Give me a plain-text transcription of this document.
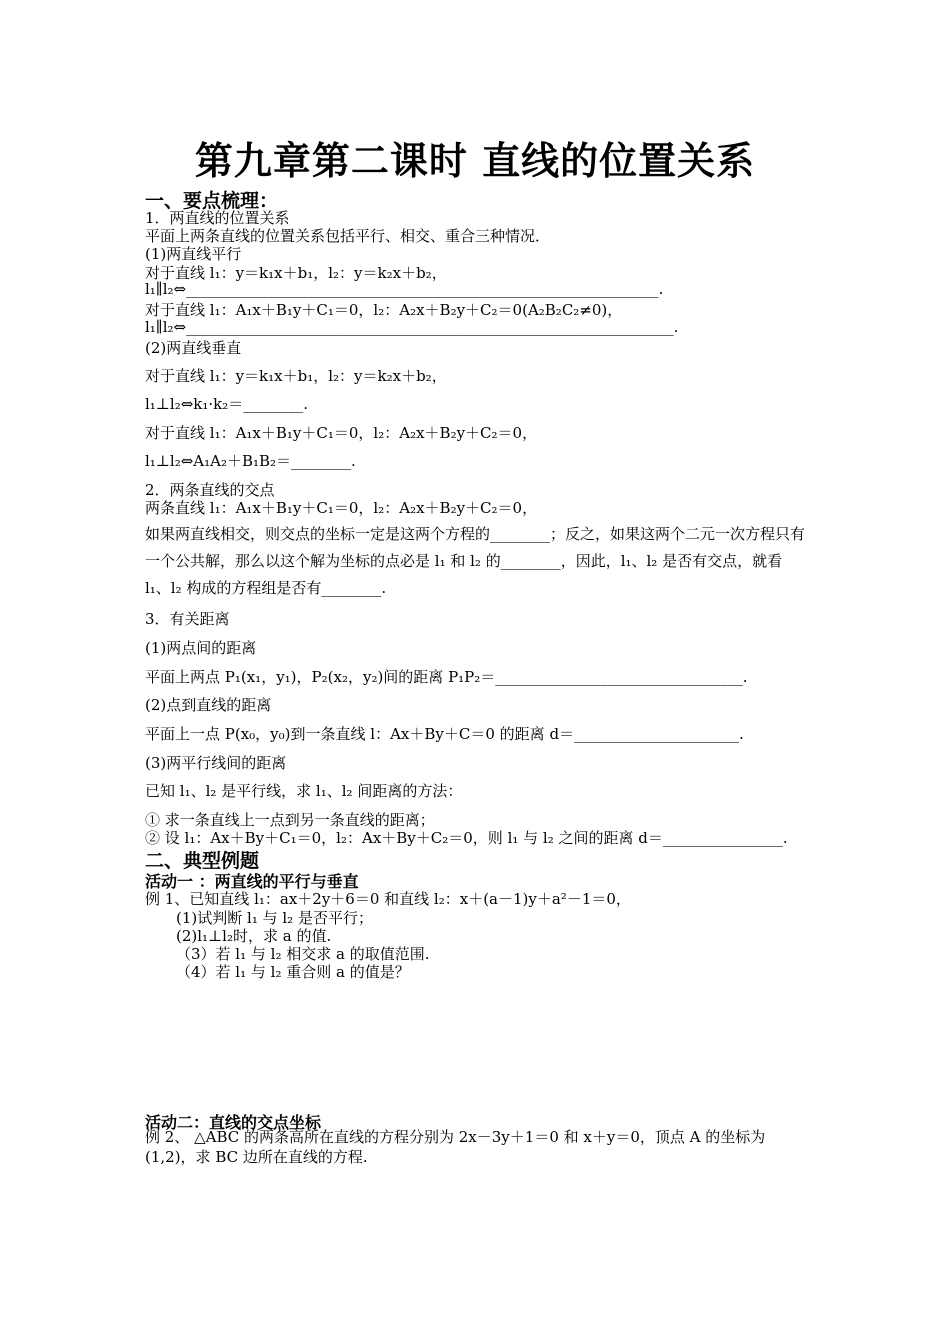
第九章第二课时 直线的位置关系
一、要点梳理：
1．两直线的位置关系
平面上两条直线的位置关系包括平行、相交、重合三种情况．
(1)两直线平行
对于直线 l₁：y＝k₁x＋b₁，l₂：y＝k₂x＋b₂，
l₁∥l₂⇔_______________________________________________________________.
对于直线 l₁：A₁x＋B₁y＋C₁＝0，l₂：A₂x＋B₂y＋C₂＝0(A₂B₂C₂≠0)，
l₁∥l₂⇔_________________________________________________________________.
(2)两直线垂直
对于直线 l₁：y＝k₁x＋b₁，l₂：y＝k₂x＋b₂，
l₁⊥l₂⇔k₁·k₂＝________.
对于直线 l₁：A₁x＋B₁y＋C₁＝0，l₂：A₂x＋B₂y＋C₂＝0，
l₁⊥l₂⇔A₁A₂＋B₁B₂＝________.
2．两条直线的交点
两条直线 l₁：A₁x＋B₁y＋C₁＝0，l₂：A₂x＋B₂y＋C₂＝0，
如果两直线相交，则交点的坐标一定是这两个方程的________；反之，如果这两个二元一次方程只有一个公共解，那么以这个解为坐标的点必是 l₁ 和 l₂ 的________，因此，l₁、l₂ 是否有交点，就看 l₁、l₂ 构成的方程组是否有________.
3．有关距离
(1)两点间的距离
平面上两点 P₁(x₁，y₁)，P₂(x₂，y₂)间的距离 P₁P₂＝_________________________________.
(2)点到直线的距离
平面上一点 P(x₀，y₀)到一条直线 l：Ax＋By＋C＝0 的距离 d＝______________________.
(3)两平行线间的距离
已知 l₁、l₂ 是平行线，求 l₁、l₂ 间距离的方法：
① 求一条直线上一点到另一条直线的距离；
② 设 l₁：Ax＋By＋C₁＝0，l₂：Ax＋By＋C₂＝0，则 l₁ 与 l₂ 之间的距离 d＝________________.
二、典型例题
活动一 ：两直线的平行与垂直
例 1、已知直线 l₁：ax＋2y＋6＝0 和直线 l₂：x＋(a－1)y＋a²－1＝0，
(1)试判断 l₁ 与 l₂ 是否平行；
(2)l₁⊥l₂时，求 a 的值.
（3）若 l₁ 与 l₂ 相交求 a 的取值范围.
（4）若 l₁ 与 l₂ 重合则 a 的值是？
活动二：直线的交点坐标
例 2、 △ABC 的两条高所在直线的方程分别为 2x－3y＋1＝0 和 x＋y＝0，顶点 A 的坐标为(1,2)，求 BC 边所在直线的方程.
